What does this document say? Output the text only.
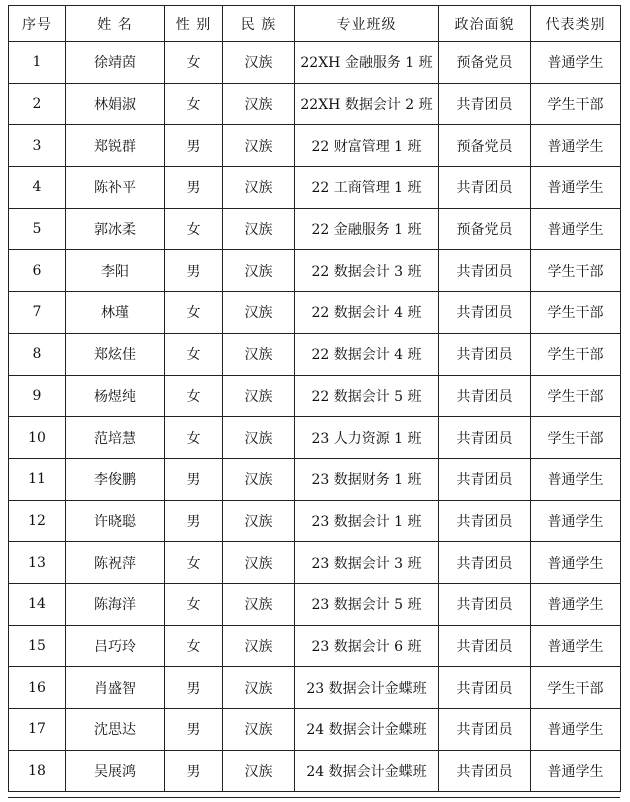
序号	姓 名	性 别	民 族	专业班级	政治面貌	代表类别
1	徐靖茵	女	汉族	22XH 金融服务 1 班	预备党员	普通学生
2	林娟淑	女	汉族	22XH 数据会计 2 班	共青团员	学生干部
3	郑锐群	男	汉族	22 财富管理 1 班	预备党员	普通学生
4	陈补平	男	汉族	22 工商管理 1 班	共青团员	普通学生
5	郭冰柔	女	汉族	22 金融服务 1 班	预备党员	普通学生
6	李阳	男	汉族	22 数据会计 3 班	共青团员	学生干部
7	林瑾	女	汉族	22 数据会计 4 班	共青团员	学生干部
8	郑炫佳	女	汉族	22 数据会计 4 班	共青团员	学生干部
9	杨煜纯	女	汉族	22 数据会计 5 班	共青团员	学生干部
10	范培慧	女	汉族	23 人力资源 1 班	共青团员	学生干部
11	李俊鹏	男	汉族	23 数据财务 1 班	共青团员	普通学生
12	许晓聪	男	汉族	23 数据会计 1 班	共青团员	普通学生
13	陈祝萍	女	汉族	23 数据会计 3 班	共青团员	普通学生
14	陈海洋	女	汉族	23 数据会计 5 班	共青团员	普通学生
15	吕巧玲	女	汉族	23 数据会计 6 班	共青团员	普通学生
16	肖盛智	男	汉族	23 数据会计金蝶班	共青团员	学生干部
17	沈思达	男	汉族	24 数据会计金蝶班	共青团员	普通学生
18	吴展鸿	男	汉族	24 数据会计金蝶班	共青团员	普通学生
